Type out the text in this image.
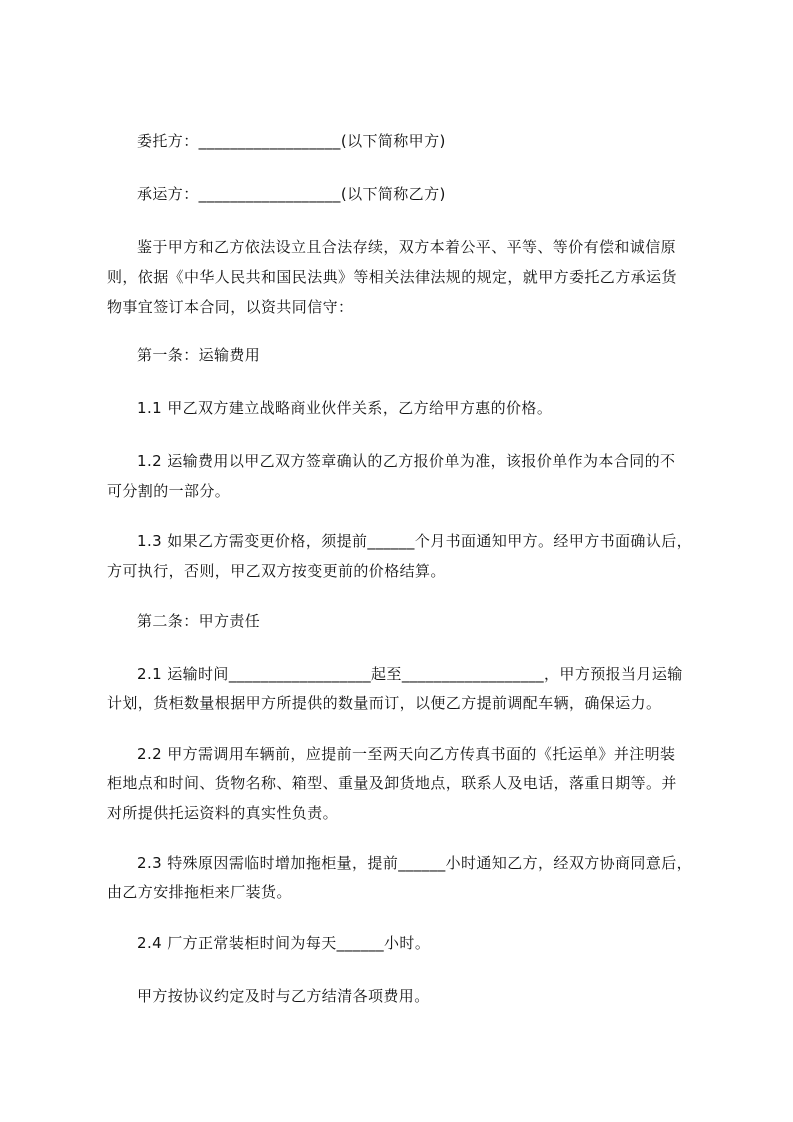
委托方：__________________(以下简称甲方)
承运方：__________________(以下简称乙方)
鉴于甲方和乙方依法设立且合法存续，双方本着公平、平等、等价有偿和诚信原
则，依据《中华人民共和国民法典》等相关法律法规的规定，就甲方委托乙方承运货
物事宜签订本合同，以资共同信守：
第一条：运输费用
1.1 甲乙双方建立战略商业伙伴关系，乙方给甲方惠的价格。
1.2 运输费用以甲乙双方签章确认的乙方报价单为准，该报价单作为本合同的不
可分割的一部分。
1.3 如果乙方需变更价格，须提前______个月书面通知甲方。经甲方书面确认后，
方可执行，否则，甲乙双方按变更前的价格结算。
第二条：甲方责任
2.1 运输时间__________________起至__________________，甲方预报当月运输
计划，货柜数量根据甲方所提供的数量而订，以便乙方提前调配车辆，确保运力。
2.2 甲方需调用车辆前，应提前一至两天向乙方传真书面的《托运单》并注明装
柜地点和时间、货物名称、箱型、重量及卸货地点，联系人及电话，落重日期等。并
对所提供托运资料的真实性负责。
2.3 特殊原因需临时增加拖柜量，提前______小时通知乙方，经双方协商同意后，
由乙方安排拖柜来厂装货。
2.4 厂方正常装柜时间为每天______小时。
甲方按协议约定及时与乙方结清各项费用。
